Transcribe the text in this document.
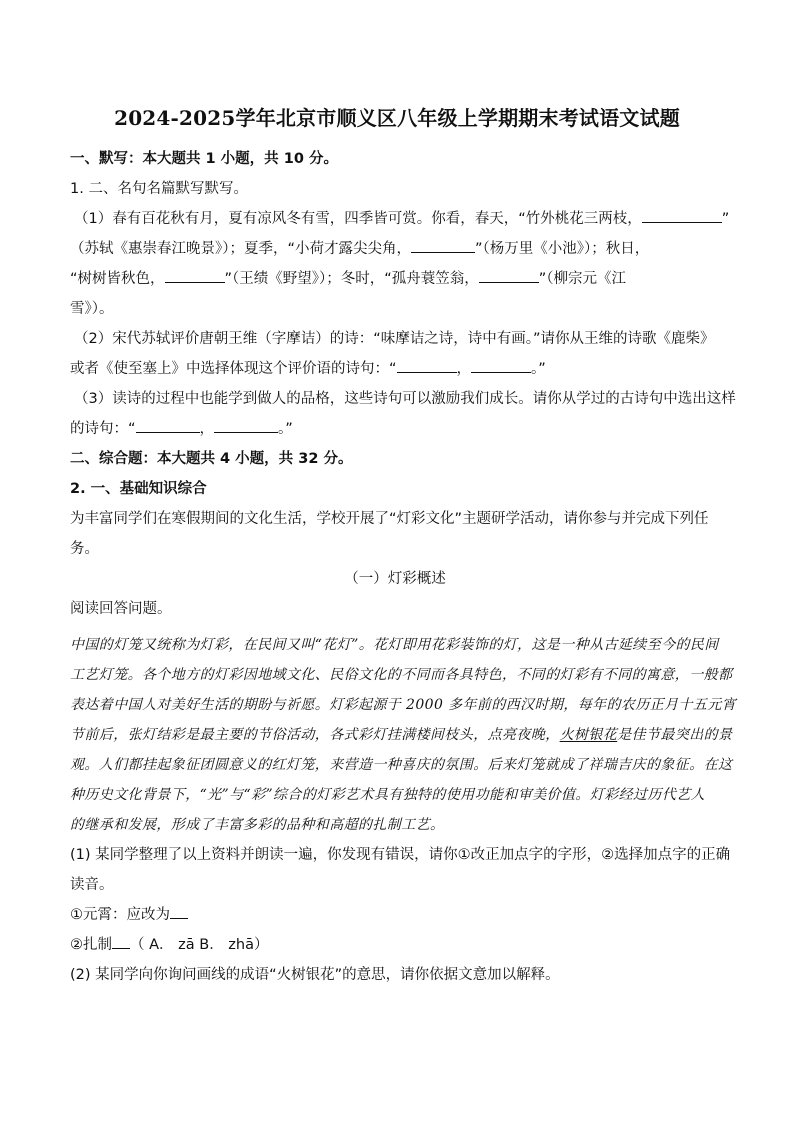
2024-2025学年北京市顺义区八年级上学期期末考试语文试题
一、默写：本大题共 1 小题，共 10 分。
1. 二、名句名篇默写默写。
（1）春有百花秋有月，夏有凉风冬有雪，四季皆可赏。你看，春天，“竹外桃花三两枝，	”
（苏轼《惠崇春江晚景》）；夏季，“小荷才露尖尖角，	”（杨万里《小池》）；秋日，
“树树皆秋色，	”（王绩《野望》）；冬时，“孤舟蓑笠翁，	”（柳宗元《江
雪》）。
（2）宋代苏轼评价唐朝王维（字摩诘）的诗：“味摩诘之诗，诗中有画。”请你从王维的诗歌《鹿柴》
或者《使至塞上》中选择体现这个评价语的诗句：“	，	。”
（3）读诗的过程中也能学到做人的品格，这些诗句可以激励我们成长。请你从学过的古诗句中选出这样
的诗句：“	，	。”
二、综合题：本大题共 4 小题，共 32 分。
2. 一、基础知识综合
为丰富同学们在寒假期间的文化生活，学校开展了“灯彩文化”主题研学活动，请你参与并完成下列任
务。
（一）灯彩概述
阅读回答问题。
中国的灯笼又统称为灯彩，在民间又叫“花灯”。花灯即用花彩装饰的灯，这是一种从古延续至今的民间
工艺灯笼。各个地方的灯彩因地域文化、民俗文化的不同而各具特色，不同的灯彩有不同的寓意，一般都
表达着中国人对美好生活的期盼与祈愿。灯彩起源于 2000 多年前的西汉时期，每年的农历正月十五元宵
节前后，张灯结彩是最主要的节俗活动，各式彩灯挂满楼间枝头，点亮夜晚，火树银花是佳节最突出的景
观。人们都挂起象征团圆意义的红灯笼，来营造一种喜庆的氛围。后来灯笼就成了祥瑞吉庆的象征。在这
种历史文化背景下，“光”与“彩”综合的灯彩艺术具有独特的使用功能和审美价值。灯彩经过历代艺人
的继承和发展，形成了丰富多彩的品种和高超的扎制工艺。
(1) 某同学整理了以上资料并朗读一遍，你发现有错误，请你①改正加点字的字形，②选择加点字的正确
读音。
①元霄：应改为
②扎制 （ A． zā B． zhā）
(2) 某同学向你询问画线的成语“火树银花”的意思，请你依据文意加以解释。
